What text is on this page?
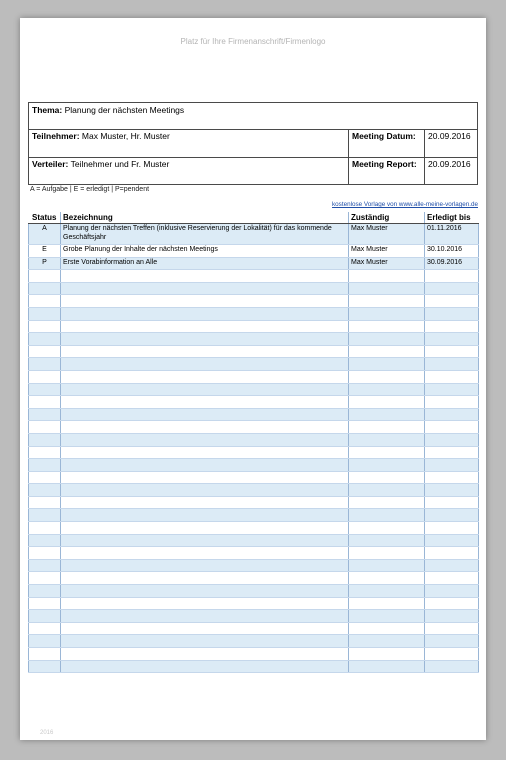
Platz für Ihre Firmenanschrift/Firmenlogo
Thema: Planung der nächsten Meetings
Teilnehmer: Max Muster, Hr. Muster	Meeting Datum:	20.09.2016
Verteiler: Teilnehmer und Fr. Muster	Meeting Report:	20.09.2016
A = Aufgabe | E = erledigt | P=pendent
kostenlose Vorlage von www.alle-meine-vorlagen.de
Status	Bezeichnung	Zuständig	Erledigt bis
A	Planung der nächsten Treffen (inklusive Reservierung der Lokalität) für das kommende Geschäftsjahr	Max Muster	01.11.2016
E	Grobe Planung der Inhalte der nächsten Meetings	Max Muster	30.10.2016
P	Erste Vorabinformation an Alle	Max Muster	30.09.2016

2016
